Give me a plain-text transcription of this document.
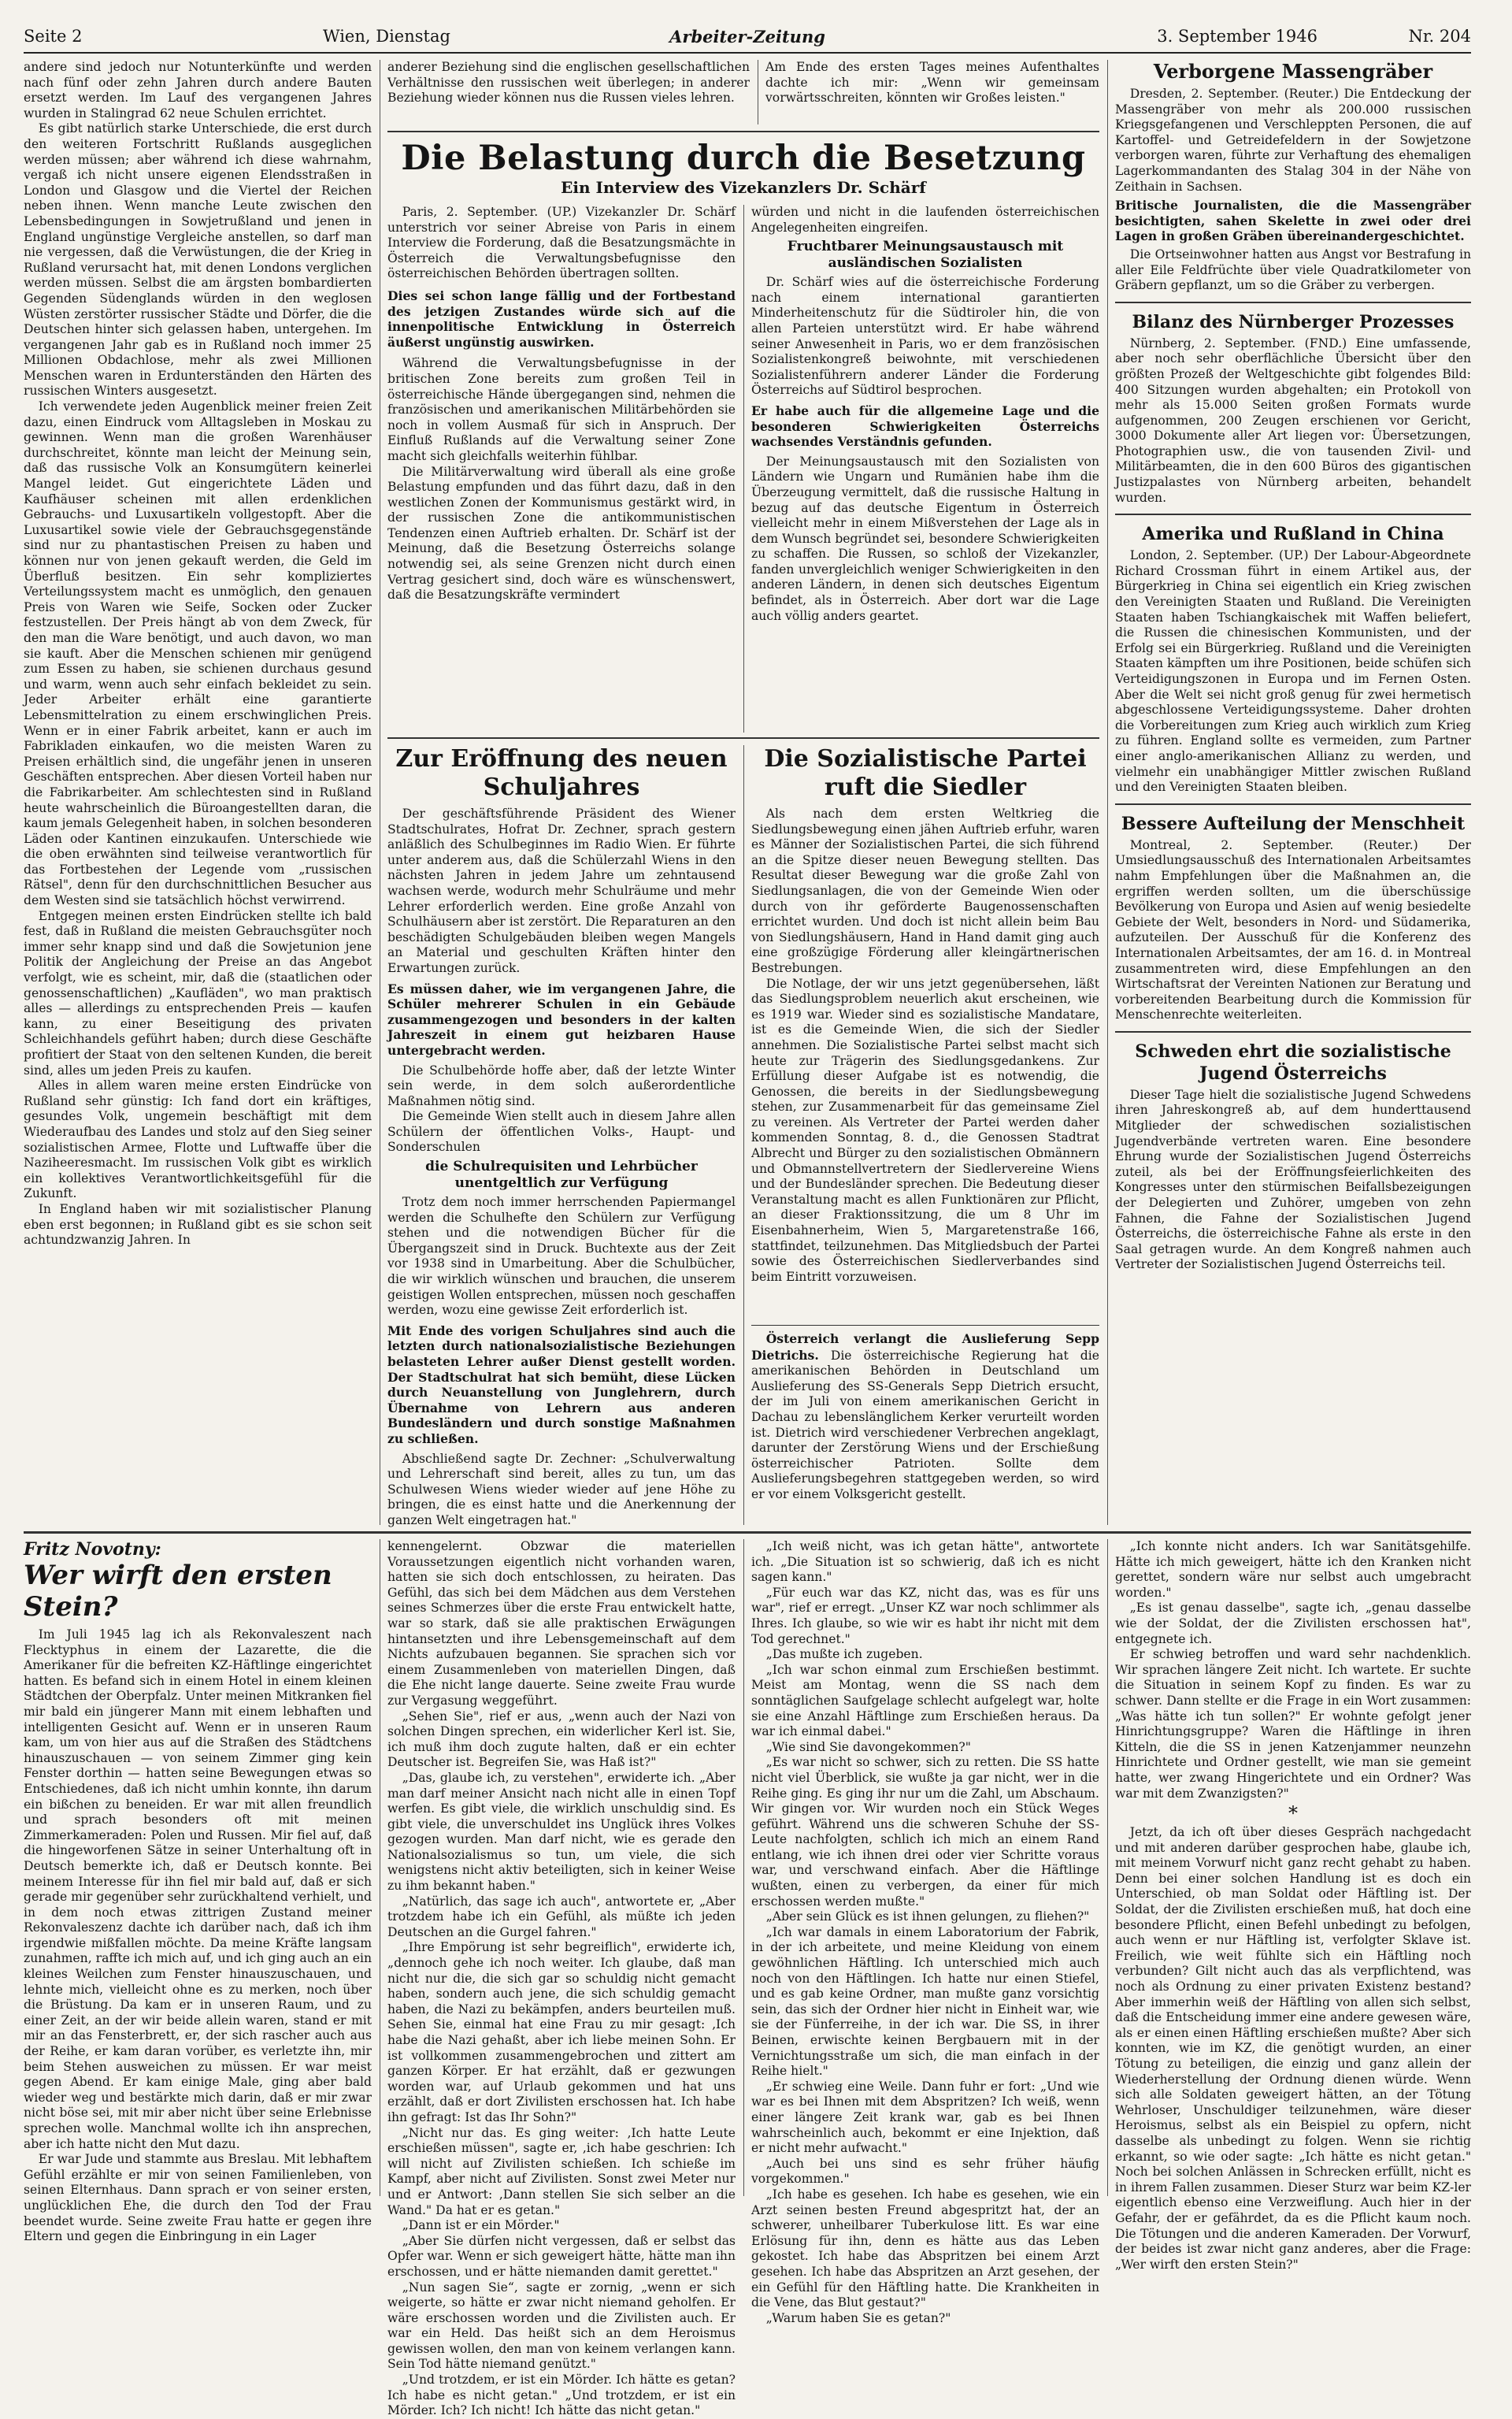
Arbeiter-Zeitung
Seite 2	Wien, Dienstag	3. September 1946	Nr. 204

andere sind jedoch nur Notunterkünfte und werden nach fünf oder zehn Jahren durch andere Bauten ersetzt werden. Im Lauf des vergangenen Jahres wurden in Stalingrad 62 neue Schulen errichtet.

Es gibt natürlich starke Unterschiede, die erst durch den weiteren Fortschritt Rußlands ausgeglichen werden müssen; aber während ich diese wahrnahm, vergaß ich nicht unsere eigenen Elendsstraßen in London und Glasgow und die Viertel der Reichen neben ihnen. Wenn manche Leute zwischen den Lebensbedingungen in Sowjetrußland und jenen in England ungünstige Vergleiche anstellen, so darf man nie vergessen, daß die Verwüstungen, die der Krieg in Rußland verursacht hat, mit denen Londons verglichen werden müssen. Selbst die am ärgsten bombardierten Gegenden Südenglands würden in den weglosen Wüsten zerstörter russischer Städte und Dörfer, die die Deutschen hinter sich gelassen haben, untergehen. Im vergangenen Jahr gab es in Rußland noch immer 25 Millionen Obdachlose, mehr als zwei Millionen Menschen waren in Erdunterständen den Härten des russischen Winters ausgesetzt.

Ich verwendete jeden Augenblick meiner freien Zeit dazu, einen Eindruck vom Alltagsleben in Moskau zu gewinnen. Wenn man die großen Warenhäuser durchschreitet, könnte man leicht der Meinung sein, daß das russische Volk an Konsumgütern keinerlei Mangel leidet. Gut eingerichtete Läden und Kaufhäuser scheinen mit allen erdenklichen Gebrauchs- und Luxusartikeln vollgestopft. Aber die Luxusartikel sowie viele der Gebrauchsgegenstände sind nur zu phantastischen Preisen zu haben und können nur von jenen gekauft werden, die Geld im Überfluß besitzen. Ein sehr kompliziertes Verteilungssystem macht es unmöglich, den genauen Preis von Waren wie Seife, Socken oder Zucker festzustellen. Der Preis hängt ab von dem Zweck, für den man die Ware benötigt, und auch davon, wo man sie kauft. Aber die Menschen schienen mir genügend zum Essen zu haben, sie schienen durchaus gesund und warm, wenn auch sehr einfach bekleidet zu sein. Jeder Arbeiter erhält eine garantierte Lebensmittelration zu einem erschwinglichen Preis. Wenn er in einer Fabrik arbeitet, kann er auch im Fabrikladen einkaufen, wo die meisten Waren zu Preisen erhältlich sind, die ungefähr jenen in unseren Geschäften entsprechen. Aber diesen Vorteil haben nur die Fabrikarbeiter. Am schlechtesten sind in Rußland heute wahrscheinlich die Büroangestellten daran, die kaum jemals Gelegenheit haben, in solchen besonderen Läden oder Kantinen einzukaufen. Unterschiede wie die oben erwähnten sind teilweise verantwortlich für das Fortbestehen der Legende vom „russischen Rätsel", denn für den durchschnittlichen Besucher aus dem Westen sind sie tatsächlich höchst verwirrend.

Entgegen meinen ersten Eindrücken stellte ich bald fest, daß in Rußland die meisten Gebrauchsgüter noch immer sehr knapp sind und daß die Sowjetunion jene Politik der Angleichung der Preise an das Angebot verfolgt, wie es scheint, mir, daß die (staatlichen oder genossenschaftlichen) „Kaufläden", wo man praktisch alles — allerdings zu entsprechenden Preis — kaufen kann, zu einer Beseitigung des privaten Schleichhandels geführt haben; durch diese Geschäfte profitiert der Staat von den seltenen Kunden, die bereit sind, alles um jeden Preis zu kaufen.

Alles in allem waren meine ersten Eindrücke von Rußland sehr günstig: Ich fand dort ein kräftiges, gesundes Volk, ungemein beschäftigt mit dem Wiederaufbau des Landes und stolz auf den Sieg seiner sozialistischen Armee, Flotte und Luftwaffe über die Naziheeresmacht. Im russischen Volk gibt es wirklich ein kollektives Verantwortlichkeitsgefühl für die Zukunft.

In England haben wir mit sozialistischer Planung eben erst begonnen; in Rußland gibt es sie schon seit achtundzwanzig Jahren. In

anderer Beziehung sind die englischen gesellschaftlichen Verhältnisse den russischen weit überlegen; in anderer Beziehung wieder können nus die Russen vieles lehren.

Am Ende des ersten Tages meines Aufenthaltes dachte ich mir: „Wenn wir gemeinsam vorwärtsschreiten, könnten wir Großes leisten."

Die Belastung durch die Besetzung
Ein Interview des Vizekanzlers Dr. Schärf

Paris, 2. September. (UP.) Vizekanzler Dr. Schärf unterstrich vor seiner Abreise von Paris in einem Interview die Forderung, daß die Besatzungsmächte in Österreich die Verwaltungsbefugnisse den österreichischen Behörden übertragen sollten.

Dies sei schon lange fällig und der Fortbestand des jetzigen Zustandes würde sich auf die innenpolitische Entwicklung in Österreich äußerst ungünstig auswirken.

Während die Verwaltungsbefugnisse in der britischen Zone bereits zum großen Teil in österreichische Hände übergegangen sind, nehmen die französischen und amerikanischen Militärbehörden sie noch in vollem Ausmaß für sich in Anspruch. Der Einfluß Rußlands auf die Verwaltung seiner Zone macht sich gleichfalls weiterhin fühlbar.

Die Militärverwaltung wird überall als eine große Belastung empfunden und das führt dazu, daß in den westlichen Zonen der Kommunismus gestärkt wird, in der russischen Zone die antikommunistischen Tendenzen einen Auftrieb erhalten. Dr. Schärf ist der Meinung, daß die Besetzung Österreichs solange notwendig sei, als seine Grenzen nicht durch einen Vertrag gesichert sind, doch wäre es wünschenswert, daß die Besatzungskräfte vermindert

würden und nicht in die laufenden österreichischen Angelegenheiten eingreifen.

Fruchtbarer Meinungsaustausch mit ausländischen Sozialisten

Dr. Schärf wies auf die österreichische Forderung nach einem international garantierten Minderheitenschutz für die Südtiroler hin, die von allen Parteien unterstützt wird. Er habe während seiner Anwesenheit in Paris, wo er dem französischen Sozialistenkongreß beiwohnte, mit verschiedenen Sozialistenführern anderer Länder die Forderung Österreichs auf Südtirol besprochen.

Er habe auch für die allgemeine Lage und die besonderen Schwierigkeiten Österreichs wachsendes Verständnis gefunden.

Der Meinungsaustausch mit den Sozialisten von Ländern wie Ungarn und Rumänien habe ihm die Überzeugung vermittelt, daß die russische Haltung in bezug auf das deutsche Eigentum in Österreich vielleicht mehr in einem Mißverstehen der Lage als in dem Wunsch begründet sei, besondere Schwierigkeiten zu schaffen. Die Russen, so schloß der Vizekanzler, fanden unvergleichlich weniger Schwierigkeiten in den anderen Ländern, in denen sich deutsches Eigentum befindet, als in Österreich. Aber dort war die Lage auch völlig anders geartet.

Zur Eröffnung des neuen Schuljahres

Der geschäftsführende Präsident des Wiener Stadtschulrates, Hofrat Dr. Zechner, sprach gestern anläßlich des Schulbeginnes im Radio Wien. Er führte unter anderem aus, daß die Schülerzahl Wiens in den nächsten Jahren in jedem Jahre um zehntausend wachsen werde, wodurch mehr Schulräume und mehr Lehrer erforderlich werden. Eine große Anzahl von Schulhäusern aber ist zerstört. Die Reparaturen an den beschädigten Schulgebäuden bleiben wegen Mangels an Material und geschulten Kräften hinter den Erwartungen zurück.

Es müssen daher, wie im vergangenen Jahre, die Schüler mehrerer Schulen in ein Gebäude zusammengezogen und besonders in der kalten Jahreszeit in einem gut heizbaren Hause untergebracht werden.

Die Schulbehörde hoffe aber, daß der letzte Winter sein werde, in dem solch außerordentliche Maßnahmen nötig sind.

Die Gemeinde Wien stellt auch in diesem Jahre allen Schülern der öffentlichen Volks-, Haupt- und Sonderschulen

die Schulrequisiten und Lehrbücher unentgeltlich zur Verfügung

Trotz dem noch immer herrschenden Papiermangel werden die Schulhefte den Schülern zur Verfügung stehen und die notwendigen Bücher für die Übergangszeit sind in Druck. Buchtexte aus der Zeit vor 1938 sind in Umarbeitung. Aber die Schulbücher, die wir wirklich wünschen und brauchen, die unserem geistigen Wollen entsprechen, müssen noch geschaffen werden, wozu eine gewisse Zeit erforderlich ist.

Mit Ende des vorigen Schuljahres sind auch die letzten durch nationalsozialistische Beziehungen belasteten Lehrer außer Dienst gestellt worden. Der Stadtschulrat hat sich bemüht, diese Lücken durch Neuanstellung von Junglehrern, durch Übernahme von Lehrern aus anderen Bundesländern und durch sonstige Maßnahmen zu schließen.

Abschließend sagte Dr. Zechner: „Schulverwaltung und Lehrerschaft sind bereit, alles zu tun, um das Schulwesen Wiens wieder wieder auf jene Höhe zu bringen, die es einst hatte und die Anerkennung der ganzen Welt eingetragen hat."

Die Sozialistische Partei ruft die Siedler

Als nach dem ersten Weltkrieg die Siedlungsbewegung einen jähen Auftrieb erfuhr, waren es Männer der Sozialistischen Partei, die sich führend an die Spitze dieser neuen Bewegung stellten. Das Resultat dieser Bewegung war die große Zahl von Siedlungsanlagen, die von der Gemeinde Wien oder durch von ihr geförderte Baugenossenschaften errichtet wurden. Und doch ist nicht allein beim Bau von Siedlungshäusern, Hand in Hand damit ging auch eine großzügige Förderung aller kleingärtnerischen Bestrebungen.

Die Notlage, der wir uns jetzt gegenübersehen, läßt das Siedlungsproblem neuerlich akut erscheinen, wie es 1919 war. Wieder sind es sozialistische Mandatare, ist es die Gemeinde Wien, die sich der Siedler annehmen. Die Sozialistische Partei selbst macht sich heute zur Trägerin des Siedlungsgedankens. Zur Erfüllung dieser Aufgabe ist es notwendig, die Genossen, die bereits in der Siedlungsbewegung stehen, zur Zusammenarbeit für das gemeinsame Ziel zu vereinen. Als Vertreter der Partei werden daher kommenden Sonntag, 8. d., die Genossen Stadtrat Albrecht und Bürger zu den sozialistischen Obmännern und Obmannstellvertretern der Siedlervereine Wiens und der Bundesländer sprechen. Die Bedeutung dieser Veranstaltung macht es allen Funktionären zur Pflicht, an dieser Fraktionssitzung, die um 8 Uhr im Eisenbahnerheim, Wien 5, Margaretenstraße 166, stattfindet, teilzunehmen. Das Mitgliedsbuch der Partei sowie des Österreichischen Siedlerverbandes sind beim Eintritt vorzuweisen.

Österreich verlangt die Auslieferung Sepp Dietrichs. Die österreichische Regierung hat die amerikanischen Behörden in Deutschland um Auslieferung des SS-Generals Sepp Dietrich ersucht, der im Juli von einem amerikanischen Gericht in Dachau zu lebenslänglichem Kerker verurteilt worden ist. Dietrich wird verschiedener Verbrechen angeklagt, darunter der Zerstörung Wiens und der Erschießung österreichischer Patrioten. Sollte dem Auslieferungsbegehren stattgegeben werden, so wird er vor einem Volksgericht gestellt.

Verborgene Massengräber

Dresden, 2. September. (Reuter.) Die Entdeckung der Massengräber von mehr als 200.000 russischen Kriegsgefangenen und Verschleppten Personen, die auf Kartoffel- und Getreidefeldern in der Sowjetzone verborgen waren, führte zur Verhaftung des ehemaligen Lagerkommandanten des Stalag 304 in der Nähe von Zeithain in Sachsen.

Britische Journalisten, die die Massengräber besichtigten, sahen Skelette in zwei oder drei Lagen in großen Gräben übereinandergeschichtet.

Die Ortseinwohner hatten aus Angst vor Bestrafung in aller Eile Feldfrüchte über viele Quadratkilometer von Gräbern gepflanzt, um so die Gräber zu verbergen.

Bilanz des Nürnberger Prozesses

Nürnberg, 2. September. (FND.) Eine umfassende, aber noch sehr oberflächliche Übersicht über den größten Prozeß der Weltgeschichte gibt folgendes Bild: 400 Sitzungen wurden abgehalten; ein Protokoll von mehr als 15.000 Seiten großen Formats wurde aufgenommen, 200 Zeugen erschienen vor Gericht, 3000 Dokumente aller Art liegen vor: Übersetzungen, Photographien usw., die von tausenden Zivil- und Militärbeamten, die in den 600 Büros des gigantischen Justizpalastes von Nürnberg arbeiten, behandelt wurden.

Amerika und Rußland in China

London, 2. September. (UP.) Der Labour-Abgeordnete Richard Crossman führt in einem Artikel aus, der Bürgerkrieg in China sei eigentlich ein Krieg zwischen den Vereinigten Staaten und Rußland. Die Vereinigten Staaten haben Tschiangkaischek mit Waffen beliefert, die Russen die chinesischen Kommunisten, und der Erfolg sei ein Bürgerkrieg. Rußland und die Vereinigten Staaten kämpften um ihre Positionen, beide schüfen sich Verteidigungszonen in Europa und im Fernen Osten. Aber die Welt sei nicht groß genug für zwei hermetisch abgeschlossene Verteidigungssysteme. Daher drohten die Vorbereitungen zum Krieg auch wirklich zum Krieg zu führen. England sollte es vermeiden, zum Partner einer anglo-amerikanischen Allianz zu werden, und vielmehr ein unabhängiger Mittler zwischen Rußland und den Vereinigten Staaten bleiben.

Bessere Aufteilung der Menschheit

Montreal, 2. September. (Reuter.) Der Umsiedlungsausschuß des Internationalen Arbeitsamtes nahm Empfehlungen über die Maßnahmen an, die ergriffen werden sollten, um die überschüssige Bevölkerung von Europa und Asien auf wenig besiedelte Gebiete der Welt, besonders in Nord- und Südamerika, aufzuteilen. Der Ausschuß für die Konferenz des Internationalen Arbeitsamtes, der am 16. d. in Montreal zusammentreten wird, diese Empfehlungen an den Wirtschaftsrat der Vereinten Nationen zur Beratung und vorbereitenden Bearbeitung durch die Kommission für Menschenrechte weiterleiten.

Schweden ehrt die sozialistische Jugend Österreichs

Dieser Tage hielt die sozialistische Jugend Schwedens ihren Jahreskongreß ab, auf dem hunderttausend Mitglieder der schwedischen sozialistischen Jugendverbände vertreten waren. Eine besondere Ehrung wurde der Sozialistischen Jugend Österreichs zuteil, als bei der Eröffnungsfeierlichkeiten des Kongresses unter den stürmischen Beifallsbezeigungen der Delegierten und Zuhörer, umgeben von zehn Fahnen, die Fahne der Sozialistischen Jugend Österreichs, die österreichische Fahne als erste in den Saal getragen wurde. An dem Kongreß nahmen auch Vertreter der Sozialistischen Jugend Österreichs teil.

Fritz Novotny:
Wer wirft den ersten Stein?

Im Juli 1945 lag ich als Rekonvaleszent nach Flecktyphus in einem der Lazarette, die die Amerikaner für die befreiten KZ-Häftlinge eingerichtet hatten. Es befand sich in einem Hotel in einem kleinen Städtchen der Oberpfalz. Unter meinen Mitkranken fiel mir bald ein jüngerer Mann mit einem lebhaften und intelligenten Gesicht auf. Wenn er in unseren Raum kam, um von hier aus auf die Straßen des Städtchens hinauszuschauen — von seinem Zimmer ging kein Fenster dorthin — hatten seine Bewegungen etwas so Entschiedenes, daß ich nicht umhin konnte, ihn darum ein bißchen zu beneiden. Er war mit allen freundlich und sprach besonders oft mit meinen Zimmerkameraden: Polen und Russen. Mir fiel auf, daß die hingeworfenen Sätze in seiner Unterhaltung oft in Deutsch bemerkte ich, daß er Deutsch konnte. Bei meinem Interesse für ihn fiel mir bald auf, daß er sich gerade mir gegenüber sehr zurückhaltend verhielt, und in dem noch etwas zittrigen Zustand meiner Rekonvaleszenz dachte ich darüber nach, daß ich ihm irgendwie mißfallen möchte. Da meine Kräfte langsam zunahmen, raffte ich mich auf, und ich ging auch an ein kleines Weilchen zum Fenster hinauszuschauen, und lehnte mich, vielleicht ohne es zu merken, noch über die Brüstung. Da kam er in unseren Raum, und zu einer Zeit, an der wir beide allein waren, stand er mit mir an das Fensterbrett, er, der sich rascher auch aus der Reihe, er kam daran vorüber, es verletzte ihn, mir beim Stehen ausweichen zu müssen. Er war meist gegen Abend. Er kam einige Male, ging aber bald wieder weg und bestärkte mich darin, daß er mir zwar nicht böse sei, mit mir aber nicht über seine Erlebnisse sprechen wolle. Manchmal wollte ich ihn ansprechen, aber ich hatte nicht den Mut dazu.

Er war Jude und stammte aus Breslau. Mit lebhaftem Gefühl erzählte er mir von seinen Familienleben, von seinen Elternhaus. Dann sprach er von seiner ersten, unglücklichen Ehe, die durch den Tod der Frau beendet wurde. Seine zweite Frau hatte er gegen ihre Eltern und gegen die Einbringung in ein Lager

kennengelernt. Obzwar die materiellen Voraussetzungen eigentlich nicht vorhanden waren, hatten sie sich doch entschlossen, zu heiraten. Das Gefühl, das sich bei dem Mädchen aus dem Verstehen seines Schmerzes über die erste Frau entwickelt hatte, war so stark, daß sie alle praktischen Erwägungen hintansetzten und ihre Lebensgemeinschaft auf dem Nichts aufzubauen begannen. Sie sprachen sich vor einem Zusammenleben von materiellen Dingen, daß die Ehe nicht lange dauerte. Seine zweite Frau wurde zur Vergasung weggeführt.

„Sehen Sie", rief er aus, „wenn auch der Nazi von solchen Dingen sprechen, ein widerlicher Kerl ist. Sie, ich muß ihm doch zugute halten, daß er ein echter Deutscher ist. Begreifen Sie, was Haß ist?"

„Das, glaube ich, zu verstehen", erwiderte ich. „Aber man darf meiner Ansicht nach nicht alle in einen Topf werfen. Es gibt viele, die wirklich unschuldig sind. Es gibt viele, die unverschuldet ins Unglück ihres Volkes gezogen wurden. Man darf nicht, wie es gerade den Nationalsozialismus so tun, um viele, die sich wenigstens nicht aktiv beteiligten, sich in keiner Weise zu ihm bekannt haben."

„Natürlich, das sage ich auch", antwortete er, „Aber trotzdem habe ich ein Gefühl, als müßte ich jeden Deutschen an die Gurgel fahren."

„Ihre Empörung ist sehr begreiflich", erwiderte ich, „dennoch gehe ich noch weiter. Ich glaube, daß man nicht nur die, die sich gar so schuldig nicht gemacht haben, sondern auch jene, die sich schuldig gemacht haben, die Nazi zu bekämpfen, anders beurteilen muß. Sehen Sie, einmal hat eine Frau zu mir gesagt: ‚Ich habe die Nazi gehaßt, aber ich liebe meinen Sohn. Er ist vollkommen zusammengebrochen und zittert am ganzen Körper. Er hat erzählt, daß er gezwungen worden war, auf Urlaub gekommen und hat uns erzählt, daß er dort Zivilisten erschossen hat. Ich habe ihn gefragt: Ist das Ihr Sohn?"

„Nicht nur das. Es ging weiter: ‚Ich hatte Leute erschießen müssen", sagte er, ‚ich habe geschrien: Ich will nicht auf Zivilisten schießen. Ich schieße im Kampf, aber nicht auf Zivilisten. Sonst zwei Meter nur und er Antwort: ‚Dann stellen Sie sich selber an die Wand." Da hat er es getan."

„Dann ist er ein Mörder."

„Aber Sie dürfen nicht vergessen, daß er selbst das Opfer war. Wenn er sich geweigert hätte, hätte man ihn erschossen, und er hätte niemanden damit gerettet."

„Nun sagen Sie“, sagte er zornig, „wenn er sich weigerte, so hätte er zwar nicht niemand geholfen. Er wäre erschossen worden und die Zivilisten auch. Er war ein Held. Das heißt sich an dem Heroismus gewissen wollen, den man von keinem verlangen kann. Sein Tod hätte niemand genützt."

„Und trotzdem, er ist ein Mörder. Ich hätte es getan? Ich habe es nicht getan." „Und trotzdem, er ist ein Mörder. Ich? Ich nicht! Ich hätte das nicht getan."

„Ich weiß nicht, was ich getan hätte", antwortete ich. „Die Situation ist so schwierig, daß ich es nicht sagen kann."

„Für euch war das KZ, nicht das, was es für uns war", rief er erregt. „Unser KZ war noch schlimmer als Ihres. Ich glaube, so wie wir es habt ihr nicht mit dem Tod gerechnet."

„Das mußte ich zugeben.

„Ich war schon einmal zum Erschießen bestimmt. Meist am Montag, wenn die SS nach dem sonntäglichen Saufgelage schlecht aufgelegt war, holte sie eine Anzahl Häftlinge zum Erschießen heraus. Da war ich einmal dabei."

„Wie sind Sie davongekommen?"

„Es war nicht so schwer, sich zu retten. Die SS hatte nicht viel Überblick, sie wußte ja gar nicht, wer in die Reihe ging. Es ging ihr nur um die Zahl, um Abschaum. Wir gingen vor. Wir wurden noch ein Stück Weges geführt. Während uns die schweren Schuhe der SS-Leute nachfolgten, schlich ich mich an einem Rand entlang, wie ich ihnen drei oder vier Schritte voraus war, und verschwand einfach. Aber die Häftlinge wußten, einen zu verbergen, da einer für mich erschossen werden mußte."

„Aber sein Glück es ist ihnen gelungen, zu fliehen?"

„Ich war damals in einem Laboratorium der Fabrik, in der ich arbeitete, und meine Kleidung von einem gewöhnlichen Häftling. Ich unterschied mich auch noch von den Häftlingen. Ich hatte nur einen Stiefel, und es gab keine Ordner, man mußte ganz vorsichtig sein, das sich der Ordner hier nicht in Einheit war, wie sie der Fünferreihe, in der ich war. Die SS, in ihrer Beinen, erwischte keinen Bergbauern mit in der Vernichtungsstraße um sich, die man einfach in der Reihe hielt."

„Er schwieg eine Weile. Dann fuhr er fort: „Und wie war es bei Ihnen mit dem Abspritzen? Ich weiß, wenn einer längere Zeit krank war, gab es bei Ihnen wahrscheinlich auch, bekommt er eine Injektion, daß er nicht mehr aufwacht."

„Auch bei uns sind es sehr früher häufig vorgekommen."

„Ich habe es gesehen. Ich habe es gesehen, wie ein Arzt seinen besten Freund abgespritzt hat, der an schwerer, unheilbarer Tuberkulose litt. Es war eine Erlösung für ihn, denn es hätte aus das Leben gekostet. Ich habe das Abspritzen bei einem Arzt gesehen. Ich habe das Abspritzen an Arzt gesehen, der ein Gefühl für den Häftling hatte. Die Krankheiten in die Vene, das Blut gestaut?"

„Warum haben Sie es getan?"

„Ich konnte nicht anders. Ich war Sanitätsgehilfe. Hätte ich mich geweigert, hätte ich den Kranken nicht gerettet, sondern wäre nur selbst auch umgebracht worden."

„Es ist genau dasselbe", sagte ich, „genau dasselbe wie der Soldat, der die Zivilisten erschossen hat", entgegnete ich.

Er schwieg betroffen und ward sehr nachdenklich. Wir sprachen längere Zeit nicht. Ich wartete. Er suchte die Situation in seinem Kopf zu finden. Es war zu schwer. Dann stellte er die Frage in ein Wort zusammen: „Was hätte ich tun sollen?" Er wohnte gefolgt jener Hinrichtungsgruppe? Waren die Häftlinge in ihren Kitteln, die die SS in jenen Katzenjammer neunzehn Hinrichtete und Ordner gestellt, wie man sie gemeint hatte, wer zwang Hingerichtete und ein Ordner? Was war mit dem Zwanzigsten?"

*

Jetzt, da ich oft über dieses Gespräch nachgedacht und mit anderen darüber gesprochen habe, glaube ich, mit meinem Vorwurf nicht ganz recht gehabt zu haben. Denn bei einer solchen Handlung ist es doch ein Unterschied, ob man Soldat oder Häftling ist. Der Soldat, der die Zivilisten erschießen muß, hat doch eine besondere Pflicht, einen Befehl unbedingt zu befolgen, auch wenn er nur Häftling ist, verfolgter Sklave ist. Freilich, wie weit fühlte sich ein Häftling noch verbunden? Gilt nicht auch das als verpflichtend, was noch als Ordnung zu einer privaten Existenz bestand? Aber immerhin weiß der Häftling von allen sich selbst, daß die Entscheidung immer eine andere gewesen wäre, als er einen einen Häftling erschießen mußte? Aber sich konnten, wie im KZ, die genötigt wurden, an einer Tötung zu beteiligen, die einzig und ganz allein der Wiederherstellung der Ordnung dienen würde. Wenn sich alle Soldaten geweigert hätten, an der Tötung Wehrloser, Unschuldiger teilzunehmen, wäre dieser Heroismus, selbst als ein Beispiel zu opfern, nicht dasselbe als unbedingt zu folgen. Wenn sie richtig erkannt, so wie oder sagte: „Ich hätte es nicht getan." Noch bei solchen Anlässen in Schrecken erfüllt, nicht es in ihrem Fallen zusammen. Dieser Sturz war beim KZ-ler eigentlich ebenso eine Verzweiflung. Auch hier in der Gefahr, der er gefährdet, da es die Pflicht kaum noch. Die Tötungen und die anderen Kameraden. Der Vorwurf, der beides ist zwar nicht ganz anderes, aber die Frage: „Wer wirft den ersten Stein?"
